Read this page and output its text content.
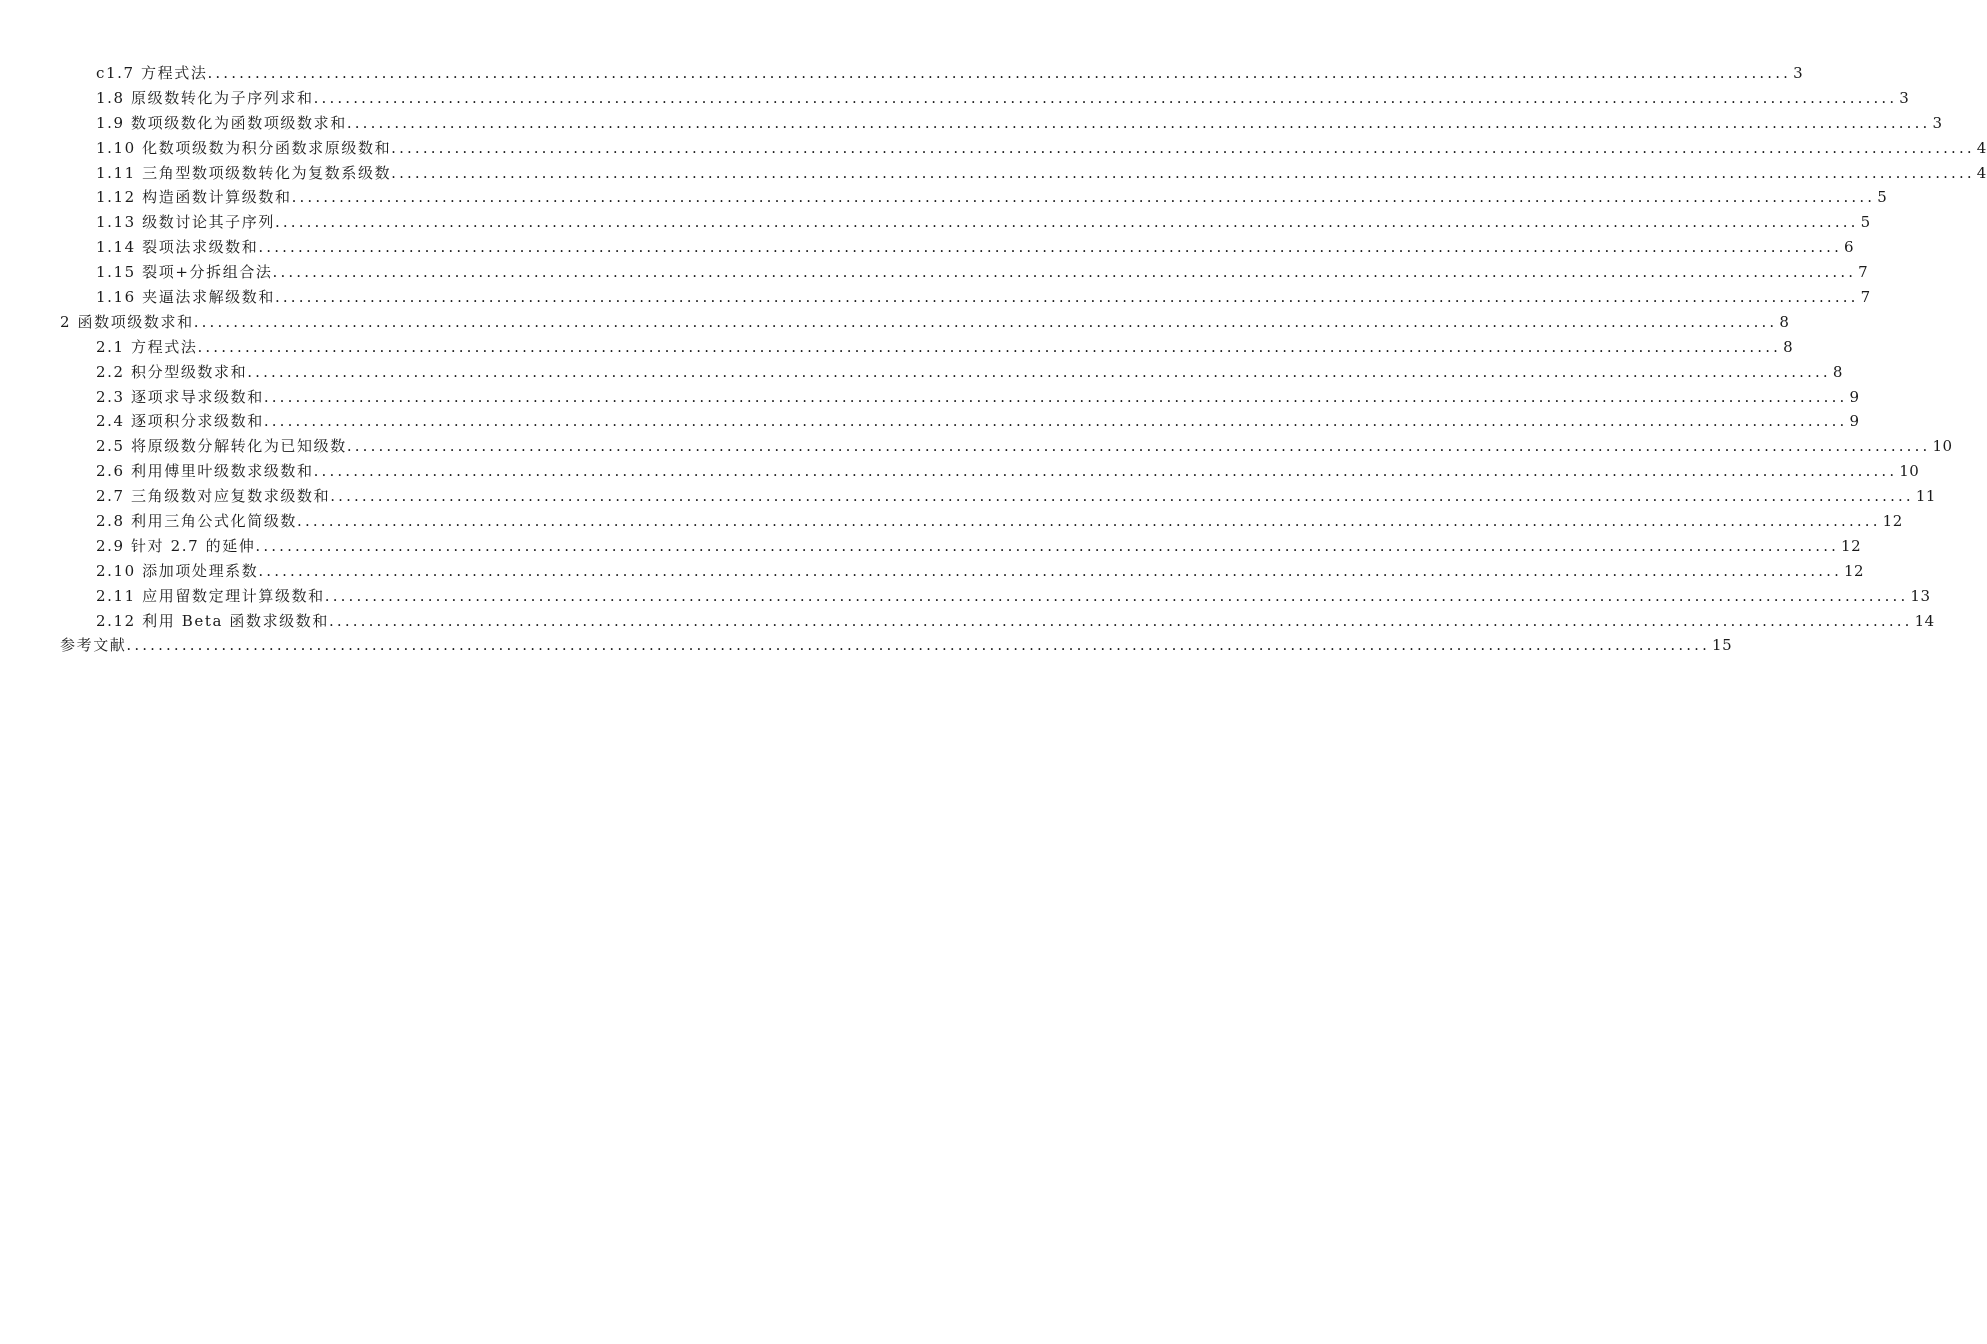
c1.7 方程式法 ........................................................................................................................................................................................................ 3
1.8 原级数转化为子序列求和 ........................................................................................................................................................................................................ 3
1.9 数项级数化为函数项级数求和 ........................................................................................................................................................................................................ 3
1.10 化数项级数为积分函数求原级数和 ........................................................................................................................................................................................................ 4
1.11 三角型数项级数转化为复数系级数 ........................................................................................................................................................................................................ 4
1.12 构造函数计算级数和 ........................................................................................................................................................................................................ 5
1.13 级数讨论其子序列 ........................................................................................................................................................................................................ 5
1.14 裂项法求级数和 ........................................................................................................................................................................................................ 6
1.15 裂项+分拆组合法 ........................................................................................................................................................................................................ 7
1.16 夹逼法求解级数和 ........................................................................................................................................................................................................ 7
2 函数项级数求和 ........................................................................................................................................................................................................ 8
2.1 方程式法 ........................................................................................................................................................................................................ 8
2.2 积分型级数求和 ........................................................................................................................................................................................................ 8
2.3 逐项求导求级数和 ........................................................................................................................................................................................................ 9
2.4 逐项积分求级数和 ........................................................................................................................................................................................................ 9
2.5 将原级数分解转化为已知级数 ........................................................................................................................................................................................................ 10
2.6 利用傅里叶级数求级数和 ........................................................................................................................................................................................................ 10
2.7 三角级数对应复数求级数和 ........................................................................................................................................................................................................ 11
2.8 利用三角公式化简级数 ........................................................................................................................................................................................................ 12
2.9 针对 2.7 的延伸 ........................................................................................................................................................................................................ 12
2.10 添加项处理系数 ........................................................................................................................................................................................................ 12
2.11 应用留数定理计算级数和 ........................................................................................................................................................................................................ 13
2.12 利用 Beta 函数求级数和 ........................................................................................................................................................................................................ 14
参考文献 ........................................................................................................................................................................................................ 15
